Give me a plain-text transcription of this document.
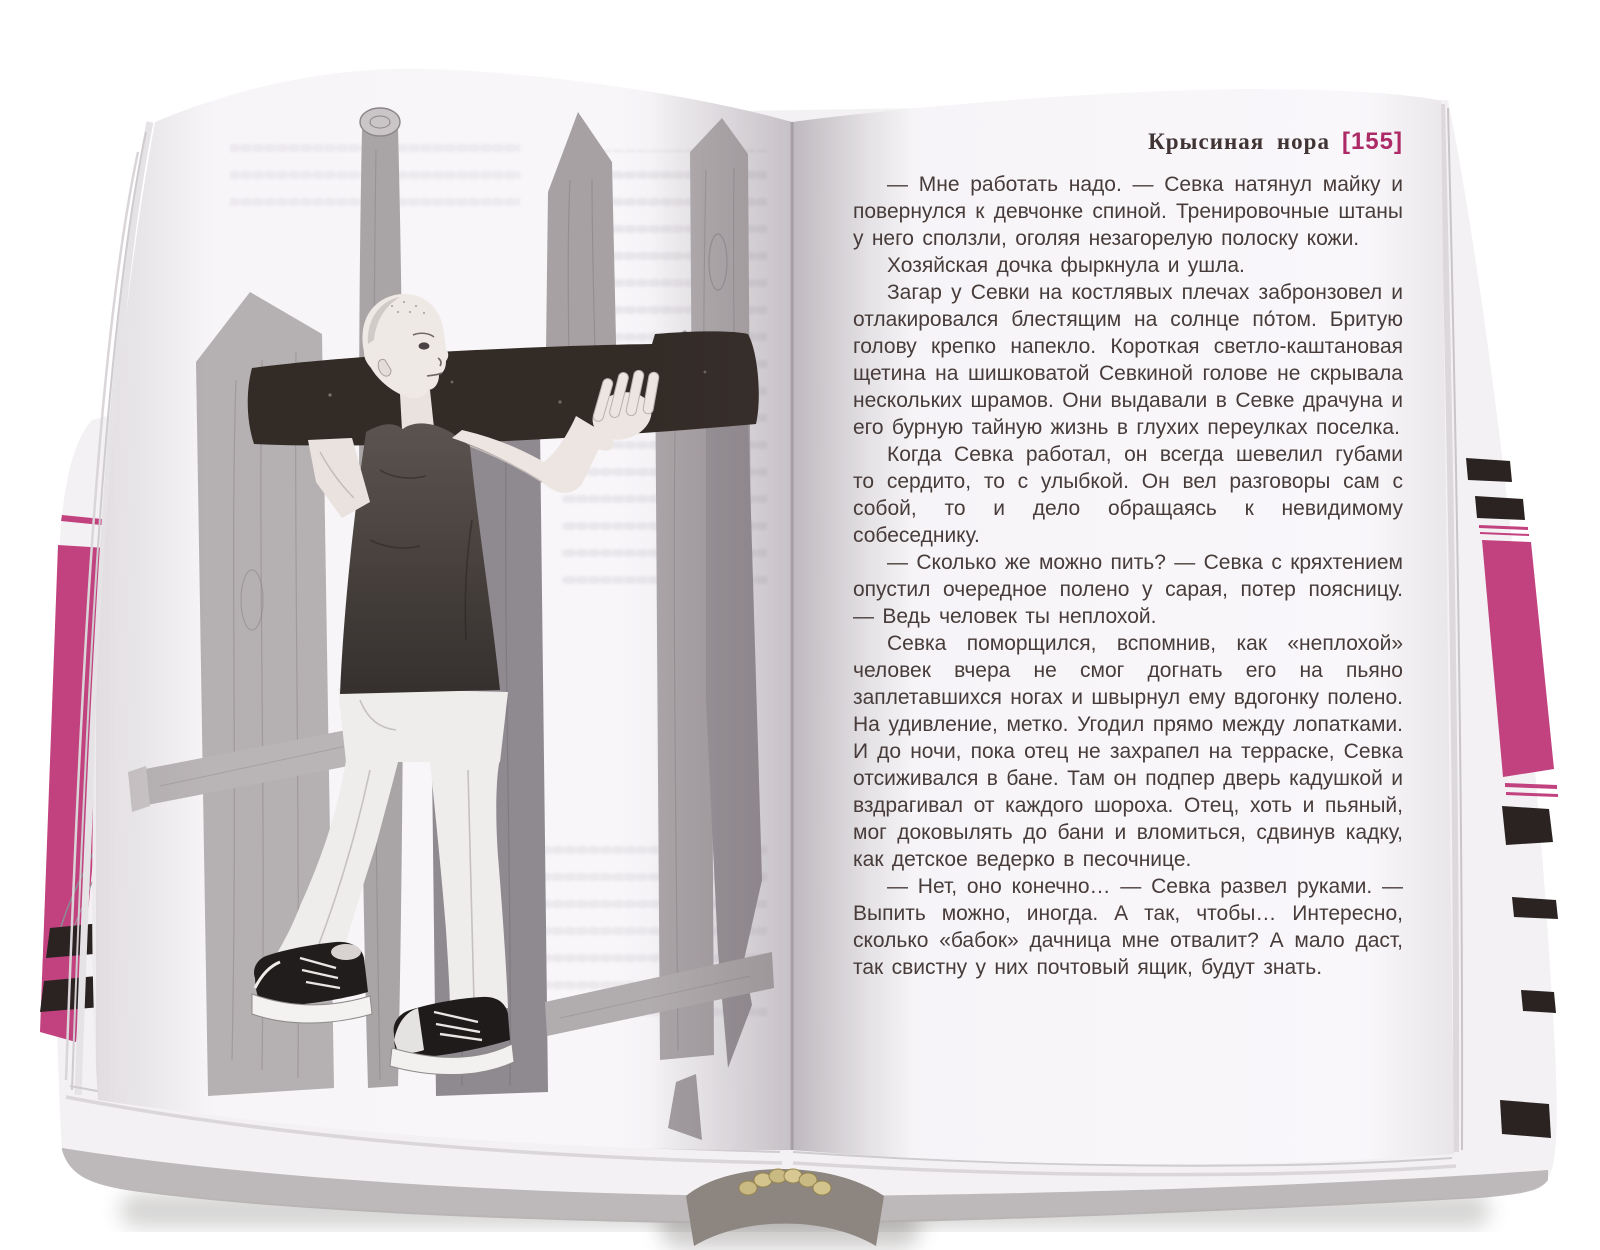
Крысиная нора [155]

— Мне работать надо. — Севка натянул майку и повернулся к девчонке спиной. Тренировочные штаны у него сползли, оголяя незагорелую полоску кожи.

Хозяйская дочка фыркнула и ушла.

Загар у Севки на костлявых плечах забронзовел и отлакировался блестящим на солнце по́том. Бритую голову крепко напекло. Короткая светло-каштановая щетина на шишковатой Севкиной голове не скрывала нескольких шрамов. Они выдавали в Севке драчуна и его бурную тайную жизнь в глухих переулках поселка.

Когда Севка работал, он всегда шевелил губами то сердито, то с улыбкой. Он вел разговоры сам с собой, то и дело обращаясь к невидимому собеседнику.

— Сколько же можно пить? — Севка с кряхтением опустил очередное полено у сарая, потер поясницу. — Ведь человек ты неплохой.

Севка поморщился, вспомнив, как «неплохой» человек вчера не смог догнать его на пьяно заплетавшихся ногах и швырнул ему вдогонку полено. На удивление, метко. Угодил прямо между лопатками. И до ночи, пока отец не захрапел на терраске, Севка отсиживался в бане. Там он подпер дверь кадушкой и вздрагивал от каждого шороха. Отец, хоть и пьяный, мог доковылять до бани и вломиться, сдвинув кадку, как детское ведерко в песочнице.

— Нет, оно конечно… — Севка развел руками. — Выпить можно, иногда. А так, чтобы… Интересно, сколько «бабок» дачница мне отвалит? А мало даст, так свистну у них почтовый ящик, будут знать.
